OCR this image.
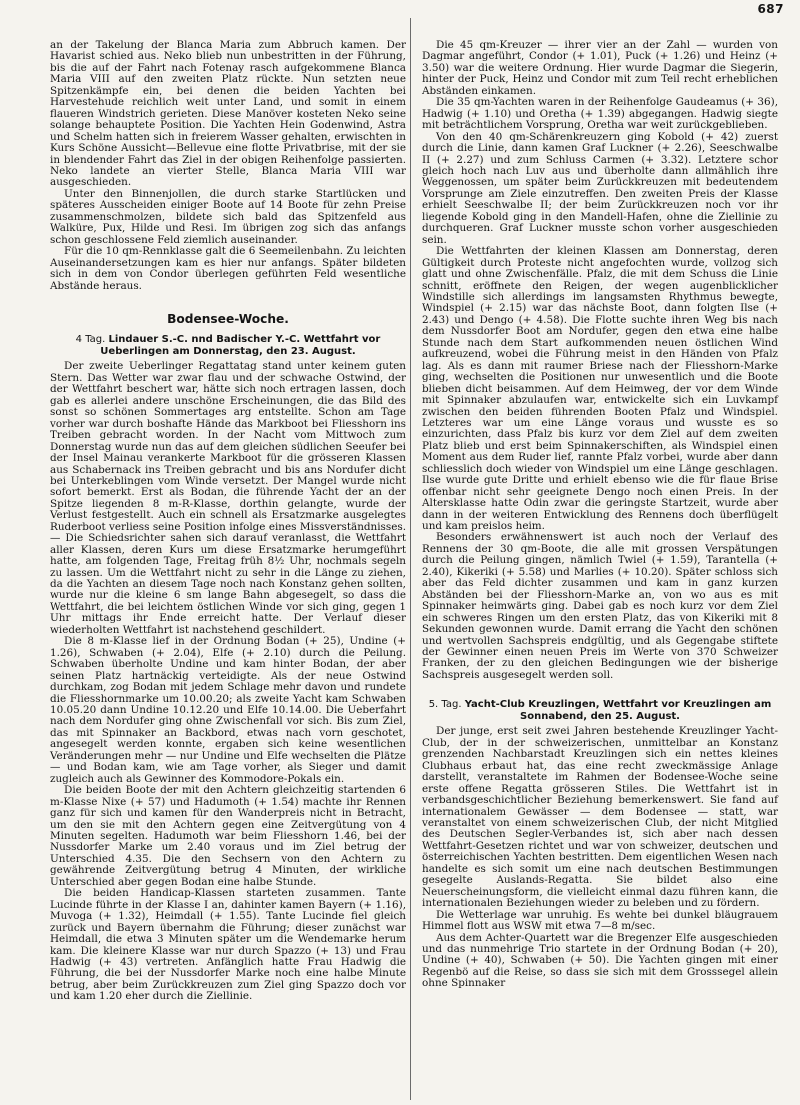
687

an der Takelung der Blanca Maria zum Abbruch kamen. Der Havarist schied aus. Neko blieb nun unbestritten in der Führung, bis die auf der Fahrt nach Fotenay rasch aufgekommene Blanca Maria VIII auf den zweiten Platz rückte. Nun setzten neue Spitzenkämpfe ein, bei denen die beiden Yachten bei Harvestehude reichlich weit unter Land, und somit in einem flaueren Windstrich gerieten. Diese Manöver kosteten Neko seine solange behauptete Position. Die Yachten Hein Godenwind, Astra und Schelm hatten sich in freierem Wasser gehalten, erwischten in Kurs Schöne Aussicht—Bellevue eine flotte Privatbrise, mit der sie in blendender Fahrt das Ziel in der obigen Reihenfolge passierten. Neko landete an vierter Stelle, Blanca Maria VIII war ausgeschieden.

Unter den Binnenjollen, die durch starke Startlücken und späteres Ausscheiden einiger Boote auf 14 Boote für zehn Preise zusammenschmolzen, bildete sich bald das Spitzenfeld aus Walküre, Pux, Hilde und Resi. Im übrigen zog sich das anfangs schon geschlossene Feld ziemlich auseinander.

Für die 10 qm-Rennklasse galt die 6 Seemeilenbahn. Zu leichten Auseinandersetzungen kam es hier nur anfangs. Später bildeten sich in dem von Condor überlegen geführten Feld wesentliche Abstände heraus.

Bodensee-Woche.
4 Tag. Lindauer S.-C. nnd Badischer Y.-C. Wettfahrt vor Ueberlingen am Donnerstag, den 23. August.

Der zweite Ueberlinger Regattatag stand unter keinem guten Stern. Das Wetter war zwar flau und der schwache Ostwind, der der Wettfahrt beschert war, hätte sich noch ertragen lassen, doch gab es allerlei andere unschöne Erscheinungen, die das Bild des sonst so schönen Sommertages arg entstellte. Schon am Tage vorher war durch boshafte Hände das Markboot bei Fliesshorn ins Treiben gebracht worden. In der Nacht vom Mittwoch zum Donnerstag wurde nun das auf dem gleichen südlichen Seeufer bei der Insel Mainau verankerte Markboot für die grösseren Klassen aus Schabernack ins Treiben gebracht und bis ans Nordufer dicht bei Unterkeblingen vom Winde versetzt. Der Mangel wurde nicht sofort bemerkt. Erst als Bodan, die führende Yacht der an der Spitze liegenden 8 m-R-Klasse, dorthin gelangte, wurde der Verlust festgestellt. Auch ein schnell als Ersatzmarke ausgelegtes Ruderboot verliess seine Position infolge eines Missverständnisses. — Die Schiedsrichter sahen sich darauf veranlasst, die Wettfahrt aller Klassen, deren Kurs um diese Ersatzmarke herumgeführt hatte, am folgenden Tage, Freitag früh 8½ Uhr, nochmals segeln zu lassen. Um die Wettfahrt nicht zu sehr in die Länge zu ziehen, da die Yachten an diesem Tage noch nach Konstanz gehen sollten, wurde nur die kleine 6 sm lange Bahn abgesegelt, so dass die Wettfahrt, die bei leichtem östlichen Winde vor sich ging, gegen 1 Uhr mittags ihr Ende erreicht hatte. Der Verlauf dieser wiederholten Wettfahrt ist nachstehend geschildert.

Die 8 m-Klasse lief in der Ordnung Bodan (+ 25), Undine (+ 1.26), Schwaben (+ 2.04), Elfe (+ 2.10) durch die Peilung. Schwaben überholte Undine und kam hinter Bodan, der aber seinen Platz hartnäckig verteidigte. Als der neue Ostwind durchkam, zog Bodan mit jedem Schlage mehr davon und rundete die Fliesshornmarke um 10.00.20; als zweite Yacht kam Schwaben 10.05.20 dann Undine 10.12.20 und Elfe 10.14.00. Die Ueberfahrt nach dem Nordufer ging ohne Zwischenfall vor sich. Bis zum Ziel, das mit Spinnaker an Backbord, etwas nach vorn geschotet, angesegelt werden konnte, ergaben sich keine wesentlichen Veränderungen mehr — nur Undine und Elfe wechselten die Plätze — und Bodan kam, wie am Tage vorher, als Sieger und damit zugleich auch als Gewinner des Kommodore-Pokals ein.

Die beiden Boote der mit den Achtern gleichzeitig startenden 6 m-Klasse Nixe (+ 57) und Hadumoth (+ 1.54) machte ihr Rennen ganz für sich und kamen für den Wanderpreis nicht in Betracht, um den sie mit den Achtern gegen eine Zeitvergütung von 4 Minuten segelten. Hadumoth war beim Fliesshorn 1.46, bei der Nussdorfer Marke um 2.40 voraus und im Ziel betrug der Unterschied 4.35. Die den Sechsern von den Achtern zu gewährende Zeitvergütung betrug 4 Minuten, der wirkliche Unterschied aber gegen Bodan eine halbe Stunde.

Die beiden Handicap-Klassen starteten zusammen. Tante Lucinde führte in der Klasse I an, dahinter kamen Bayern (+ 1.16), Muvoga (+ 1.32), Heimdall (+ 1.55). Tante Lucinde fiel gleich zurück und Bayern übernahm die Führung; dieser zunächst war Heimdall, die etwa 3 Minuten später um die Wendemarke herum kam. Die kleinere Klasse war nur durch Spazzo (+ 13) und Frau Hadwig (+ 43) vertreten. Anfänglich hatte Frau Hadwig die Führung, die bei der Nussdorfer Marke noch eine halbe Minute betrug, aber beim Zurückkreuzen zum Ziel ging Spazzo doch vor und kam 1.20 eher durch die Ziellinie.

Die 45 qm-Kreuzer — ihrer vier an der Zahl — wurden von Dagmar angeführt, Condor (+ 1.01), Puck (+ 1.26) und Heinz (+ 3.50) war die weitere Ordnung. Hier wurde Dagmar die Siegerin, hinter der Puck, Heinz und Condor mit zum Teil recht erheblichen Abständen einkamen.

Die 35 qm-Yachten waren in der Reihenfolge Gaudeamus (+ 36), Hadwig (+ 1.10) und Oretha (+ 1.39) abgegangen. Hadwig siegte mit beträchtlichem Vorsprung, Oretha war weit zurückgeblieben.

Von den 40 qm-Schärenkreuzern ging Kobold (+ 42) zuerst durch die Linie, dann kamen Graf Luckner (+ 2.26), Seeschwalbe II (+ 2.27) und zum Schluss Carmen (+ 3.32). Letztere schor gleich hoch nach Luv aus und überholte dann allmählich ihre Weggenossen, um später beim Zurückkreuzen mit bedeutendem Vorsprunge am Ziele einzutreffen. Den zweiten Preis der Klasse erhielt Seeschwalbe II; der beim Zurückkreuzen noch vor ihr liegende Kobold ging in den Mandell-Hafen, ohne die Ziellinie zu durchqueren. Graf Luckner musste schon vorher ausgeschieden sein.

Die Wettfahrten der kleinen Klassen am Donnerstag, deren Gültigkeit durch Proteste nicht angefochten wurde, vollzog sich glatt und ohne Zwischenfälle. Pfalz, die mit dem Schuss die Linie schnitt, eröffnete den Reigen, der wegen augenblicklicher Windstille sich allerdings im langsamsten Rhythmus bewegte, Windspiel (+ 2.15) war das nächste Boot, dann folgten Ilse (+ 2.43) und Dengo (+ 4.58). Die Flotte suchte ihren Weg bis nach dem Nussdorfer Boot am Nordufer, gegen den etwa eine halbe Stunde nach dem Start aufkommenden neuen östlichen Wind aufkreuzend, wobei die Führung meist in den Händen von Pfalz lag. Als es dann mit raumer Briese nach der Fliesshorn-Marke ging, wechselten die Positionen nur unwesentlich und die Boote blieben dicht beisammen. Auf dem Heimweg, der vor dem Winde mit Spinnaker abzulaufen war, entwickelte sich ein Luvkampf zwischen den beiden führenden Booten Pfalz und Windspiel. Letzteres war um eine Länge voraus und wusste es so einzurichten, dass Pfalz bis kurz vor dem Ziel auf dem zweiten Platz blieb und erst beim Spinnakerschiften, als Windspiel einen Moment aus dem Ruder lief, rannte Pfalz vorbei, wurde aber dann schliesslich doch wieder von Windspiel um eine Länge geschlagen. Ilse wurde gute Dritte und erhielt ebenso wie die für flaue Brise offenbar nicht sehr geeignete Dengo noch einen Preis. In der Altersklasse hatte Odin zwar die geringste Startzeit, wurde aber dann in der weiteren Entwicklung des Rennens doch überflügelt und kam preislos heim.

Besonders erwähnenswert ist auch noch der Verlauf des Rennens der 30 qm-Boote, die alle mit grossen Verspätungen durch die Peilung gingen, nämlich Twiel (+ 1.59), Tarantella (+ 2.40), Kikeriki (+ 5.58) und Marlies (+ 10.20). Später schloss sich aber das Feld dichter zusammen und kam in ganz kurzen Abständen bei der Fliesshorn-Marke an, von wo aus es mit Spinnaker heimwärts ging. Dabei gab es noch kurz vor dem Ziel ein schweres Ringen um den ersten Platz, das von Kikeriki mit 8 Sekunden gewonnen wurde. Damit errang die Yacht den schönen und wertvollen Sachspreis endgültig, und als Gegengabe stiftete der Gewinner einen neuen Preis im Werte von 370 Schweizer Franken, der zu den gleichen Bedingungen wie der bisherige Sachspreis ausgesegelt werden soll.

5. Tag. Yacht-Club Kreuzlingen, Wettfahrt vor Kreuzlingen am Sonnabend, den 25. August.

Der junge, erst seit zwei Jahren bestehende Kreuzlinger Yacht-Club, der in der schweizerischen, unmittelbar an Konstanz grenzenden Nachbarstadt Kreuzlingen sich ein nettes kleines Clubhaus erbaut hat, das eine recht zweckmässige Anlage darstellt, veranstaltete im Rahmen der Bodensee-Woche seine erste offene Regatta grösseren Stiles. Die Wettfahrt ist in verbandsgeschichtlicher Beziehung bemerkenswert. Sie fand auf internationalem Gewässer — dem Bodensee — statt, war veranstaltet von einem schweizerischen Club, der nicht Mitglied des Deutschen Segler-Verbandes ist, sich aber nach dessen Wettfahrt-Gesetzen richtet und war von schweizer, deutschen und österreichischen Yachten bestritten. Dem eigentlichen Wesen nach handelte es sich somit um eine nach deutschen Bestimmungen gesegelte Auslands-Regatta. Sie bildet also eine Neuerscheinungsform, die vielleicht einmal dazu führen kann, die internationalen Beziehungen wieder zu beleben und zu fördern.

Die Wetterlage war unruhig. Es wehte bei dunkel bläugrauem Himmel flott aus WSW mit etwa 7—8 m/sec.

Aus dem Achter-Quartett war die Bregenzer Elfe ausgeschieden und das nunmehrige Trio startete in der Ordnung Bodan (+ 20), Undine (+ 40), Schwaben (+ 50). Die Yachten gingen mit einer Regenbö auf die Reise, so dass sie sich mit dem Grosssegel allein ohne Spinnaker
